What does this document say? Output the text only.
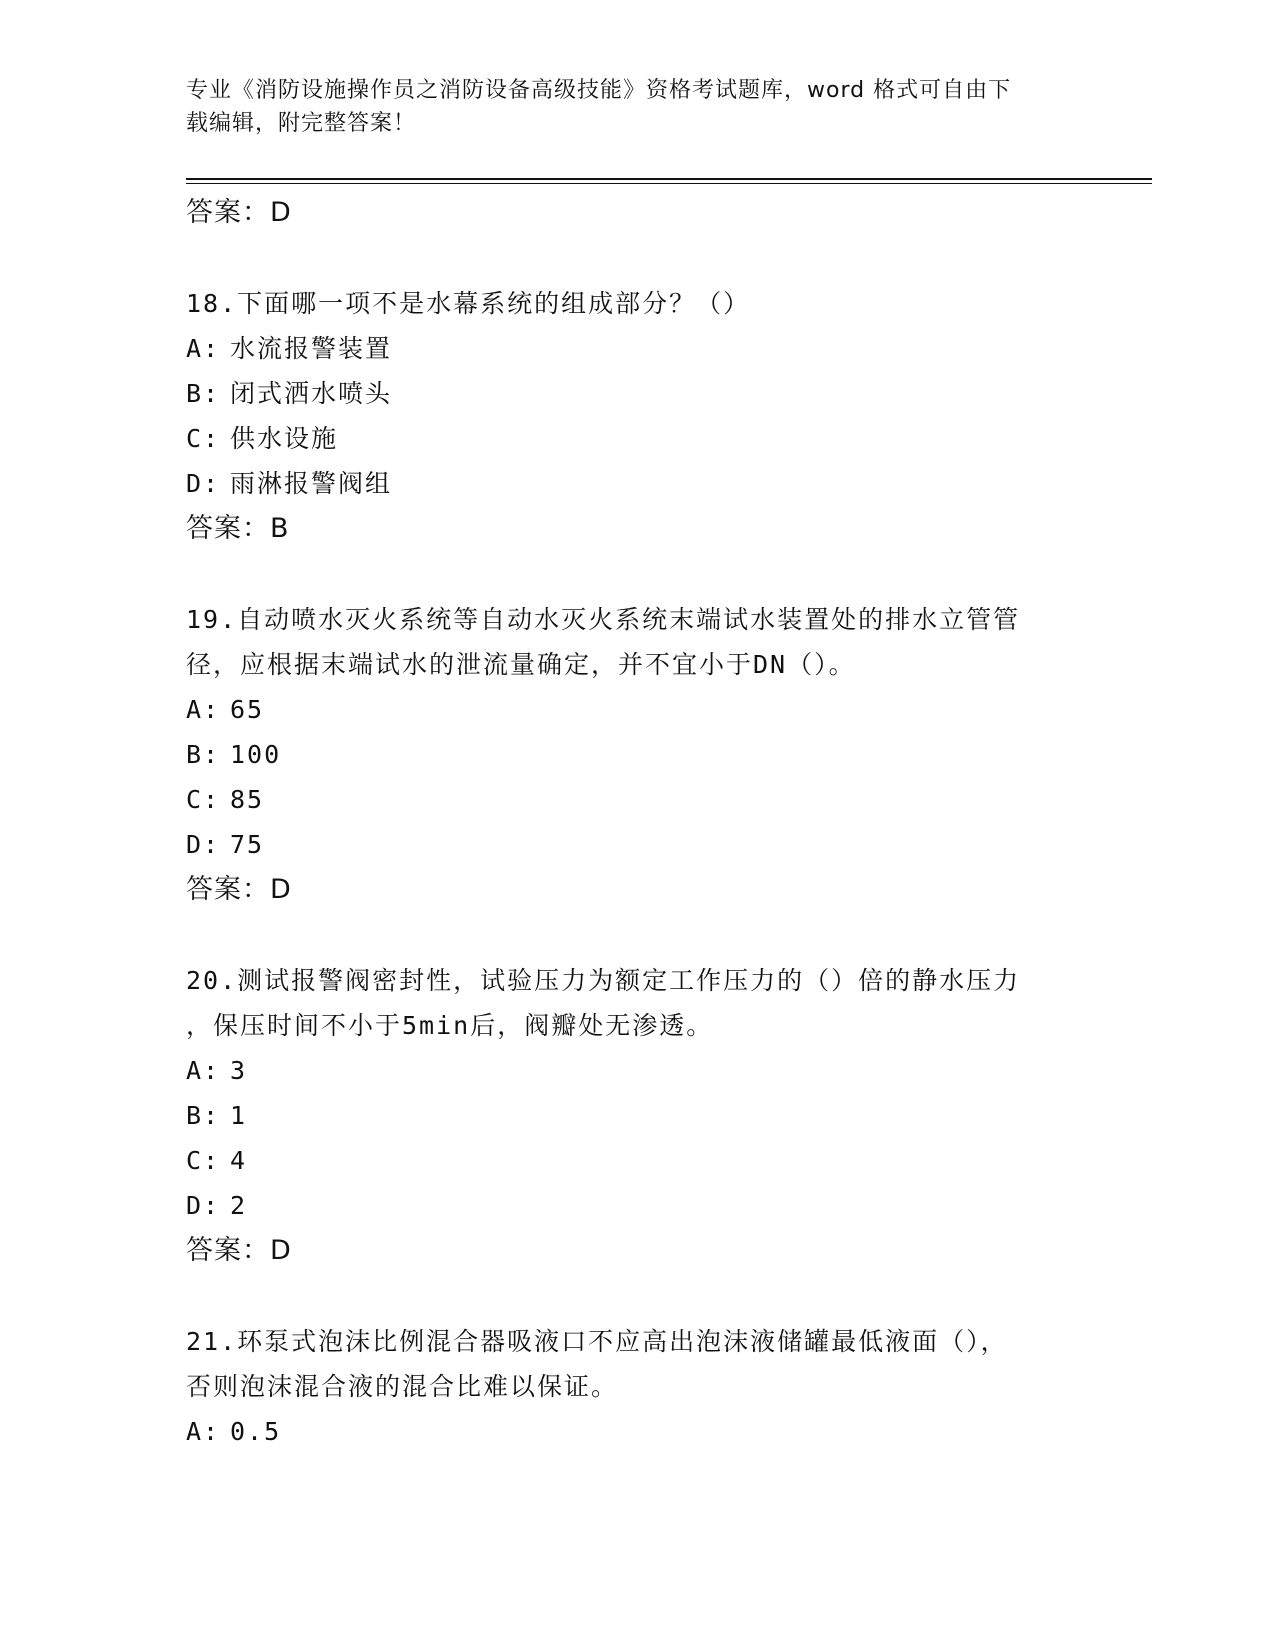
专业《消防设施操作员之消防设备高级技能》资格考试题库，word 格式可自由下
载编辑，附完整答案！
答案：D
18.下面哪一项不是水幕系统的组成部分？（）
A: 水流报警装置
B: 闭式洒水喷头
C: 供水设施
D: 雨淋报警阀组
答案：B
19.自动喷水灭火系统等自动水灭火系统末端试水装置处的排水立管管
径，应根据末端试水的泄流量确定，并不宜小于DN（）。
A: 65
B: 100
C: 85
D: 75
答案：D
20.测试报警阀密封性，试验压力为额定工作压力的（）倍的静水压力
，保压时间不小于5min后，阀瓣处无渗透。
A: 3
B: 1
C: 4
D: 2
答案：D
21.环泵式泡沫比例混合器吸液口不应高出泡沫液储罐最低液面（），
否则泡沫混合液的混合比难以保证。
A: 0.5
